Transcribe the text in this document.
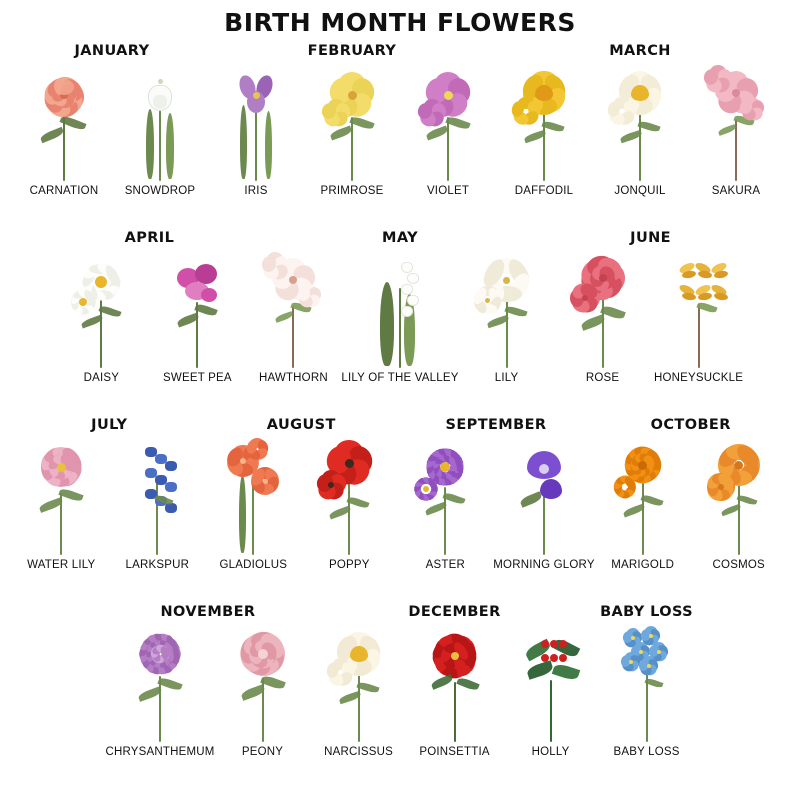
BIRTH MONTH FLOWERS
JANUARY
CARNATION SNOWDROP
FEBRUARY
IRIS	PRIMROSE	VIOLET
MARCH
DAFFODIL	JONQUIL	SAKURA
APRIL
DAISY	SWEET PEA
MAY
HAWTHORN LILY OF THE VALLEY	LILY
JUNE
ROSE	HONEYSUCKLE
JULY
WATER LILY	LARKSPUR
AUGUST
GLADIOLUS	POPPY
SEPTEMBER
ASTER MORNING GLORY
OCTOBER
MARIGOLD	COSMOS
NOVEMBER
CHRYSANTHEMUM PEONY
DECEMBER
NARCISSUS POINSETTIA	HOLLY
BABY LOSS
BABY LOSS
